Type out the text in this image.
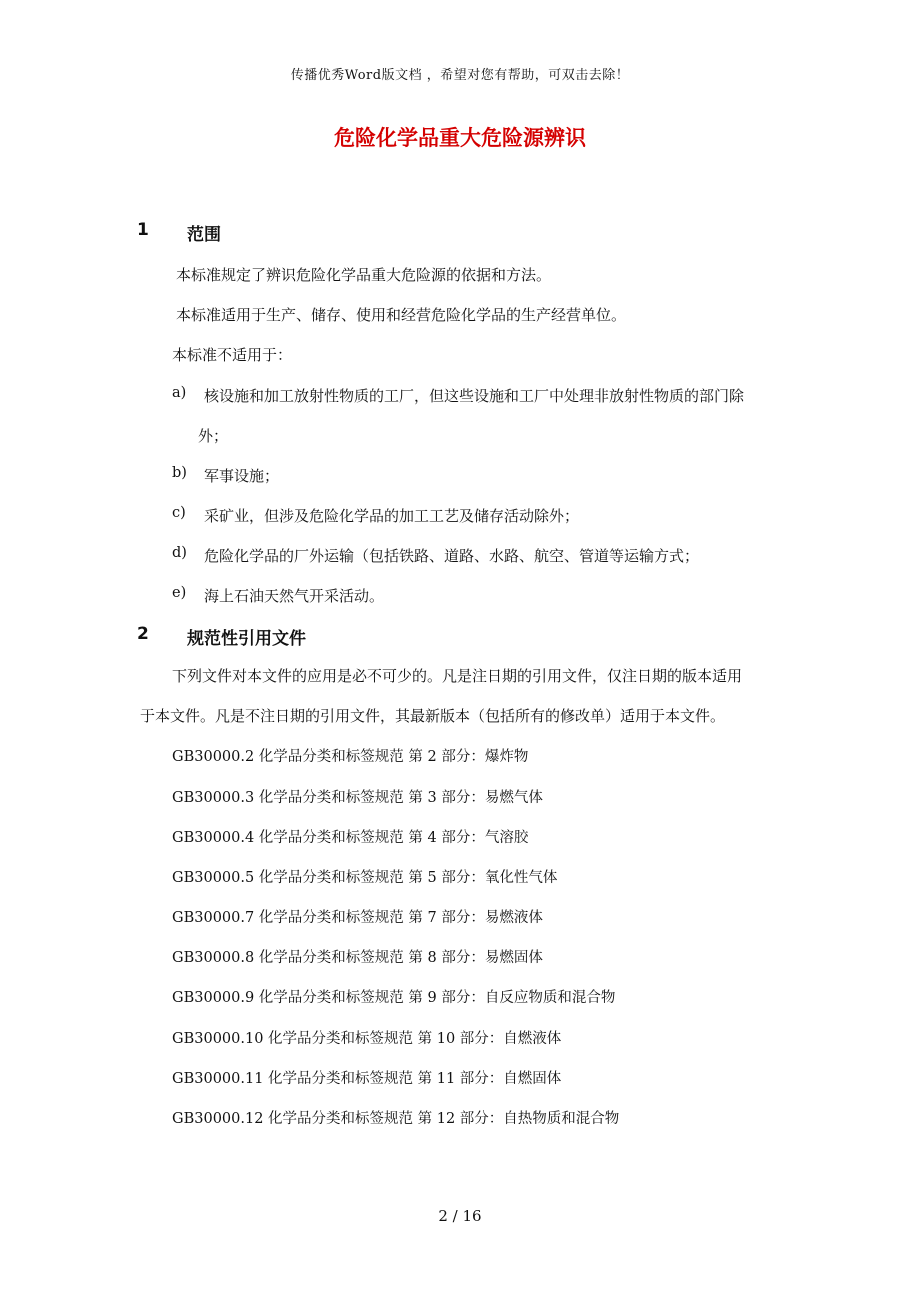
传播优秀Word版文档 ，希望对您有帮助，可双击去除！
危险化学品重大危险源辨识
1 范围
本标准规定了辨识危险化学品重大危险源的依据和方法。
本标准适用于生产、储存、使用和经营危险化学品的生产经营单位。
本标准不适用于：
a) 核设施和加工放射性物质的工厂，但这些设施和工厂中处理非放射性物质的部门除
外；
b) 军事设施；
c) 采矿业，但涉及危险化学品的加工工艺及储存活动除外；
d) 危险化学品的厂外运输（包括铁路、道路、水路、航空、管道等运输方式；
e) 海上石油天然气开采活动。
2 规范性引用文件
下列文件对本文件的应用是必不可少的。凡是注日期的引用文件，仅注日期的版本适用
于本文件。凡是不注日期的引用文件，其最新版本（包括所有的修改单）适用于本文件。
GB30000.2 化学品分类和标签规范 第 2 部分：爆炸物
GB30000.3 化学品分类和标签规范 第 3 部分：易燃气体
GB30000.4 化学品分类和标签规范 第 4 部分：气溶胶
GB30000.5 化学品分类和标签规范 第 5 部分：氧化性气体
GB30000.7 化学品分类和标签规范 第 7 部分：易燃液体
GB30000.8 化学品分类和标签规范 第 8 部分：易燃固体
GB30000.9 化学品分类和标签规范 第 9 部分：自反应物质和混合物
GB30000.10 化学品分类和标签规范 第 10 部分：自燃液体
GB30000.11 化学品分类和标签规范 第 11 部分：自燃固体
GB30000.12 化学品分类和标签规范 第 12 部分：自热物质和混合物
2 / 16
